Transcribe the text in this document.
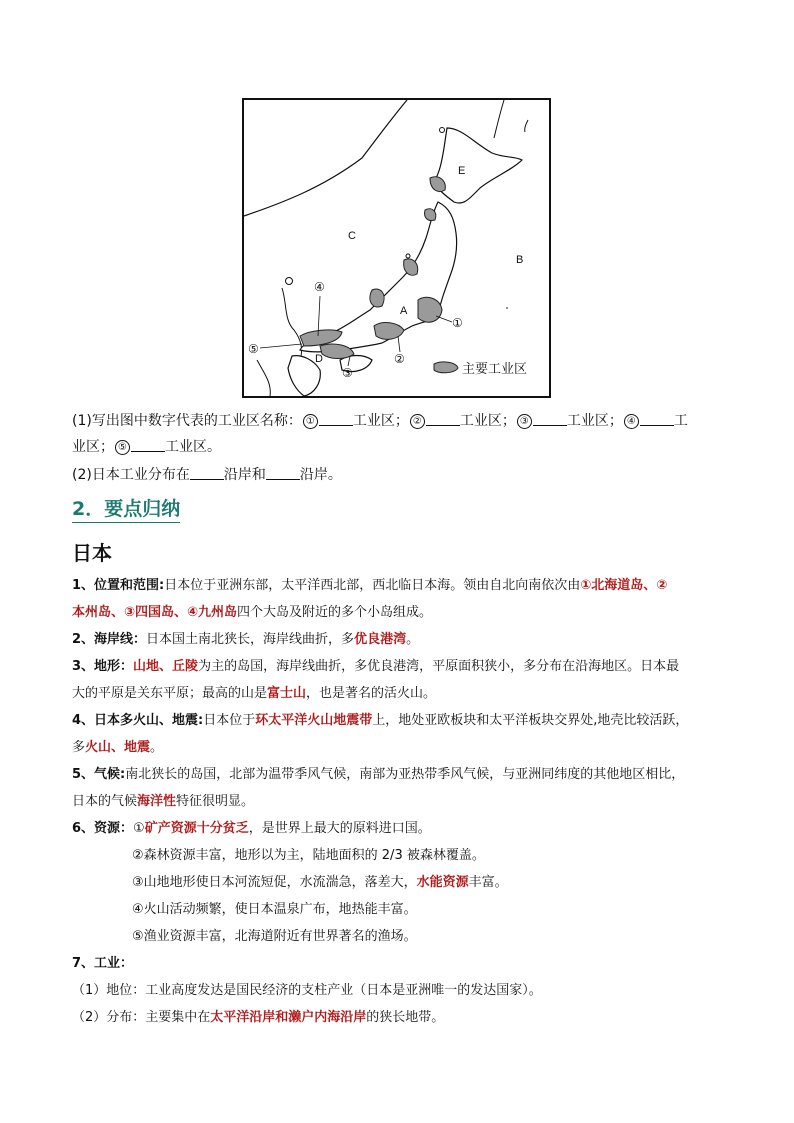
E
C
B
A
D
①
②
③
④
⑤
主要工业区
(1)写出图中数字代表的工业区名称： ①	工业区； ②	工业区； ③	工业区； ④	工
业区； ⑤	工业区。
(2)日本工业分布在 沿岸和 沿岸。
2．要点归纳
日本
1、位置和范围:日本位于亚洲东部，太平洋西北部，西北临日本海。领由自北向南依次由①北海道岛、②
本州岛、③四国岛、④九州岛四个大岛及附近的多个小岛组成。
2、海岸线：日本国土南北狭长，海岸线曲折，多优良港湾。
3、地形：山地、丘陵为主的岛国，海岸线曲折，多优良港湾，平原面积狭小，多分布在沿海地区。日本最
大的平原是关东平原；最高的山是富士山，也是著名的活火山。
4、日本多火山、地震:日本位于环太平洋火山地震带上，地处亚欧板块和太平洋板块交界处,地壳比较活跃，
多火山、地震。
5、气候:南北狭长的岛国，北部为温带季风气候，南部为亚热带季风气候，与亚洲同纬度的其他地区相比，
日本的气候海洋性特征很明显。
6、资源：①矿产资源十分贫乏，是世界上最大的原料进口国。
②森林资源丰富，地形以为主，陆地面积的 2/3 被森林覆盖。
③山地地形使日本河流短促，水流湍急，落差大，水能资源丰富。
④火山活动频繁，使日本温泉广布，地热能丰富。
⑤渔业资源丰富，北海道附近有世界著名的渔场。
7、工业：
（1）地位：工业高度发达是国民经济的支柱产业（日本是亚洲唯一的发达国家）。
（2）分布：主要集中在太平洋沿岸和濑户内海沿岸的狭长地带。
